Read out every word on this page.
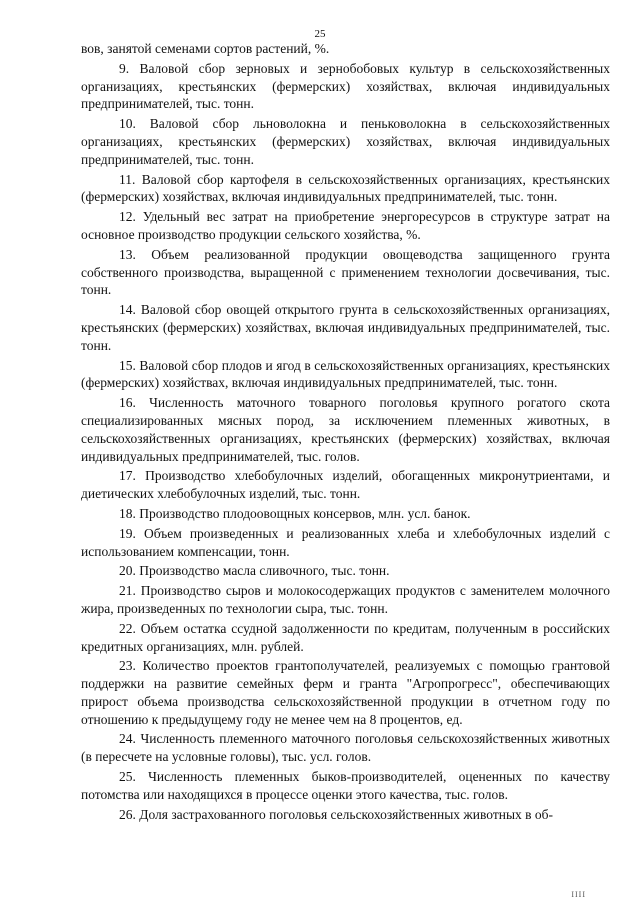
25

вов, занятой семенами сортов растений, %.

9. Валовой сбор зерновых и зернобобовых культур в сельскохозяйственных организациях, крестьянских (фермерских) хозяйствах, включая индивидуальных предпринимателей, тыс. тонн.

10. Валовой сбор льноволокна и пеньковолокна в сельскохозяйственных организациях, крестьянских (фермерских) хозяйствах, включая индивидуальных предпринимателей, тыс. тонн.

11. Валовой сбор картофеля в сельскохозяйственных организациях, крестьянских (фермерских) хозяйствах, включая индивидуальных предпринимателей, тыс. тонн.

12. Удельный вес затрат на приобретение энергоресурсов в структуре затрат на основное производство продукции сельского хозяйства, %.

13. Объем реализованной продукции овощеводства защищенного грунта собственного производства, выращенной с применением технологии досвечивания, тыс. тонн.

14. Валовой сбор овощей открытого грунта в сельскохозяйственных организациях, крестьянских (фермерских) хозяйствах, включая индивидуальных предпринимателей, тыс. тонн.

15. Валовой сбор плодов и ягод в сельскохозяйственных организациях, крестьянских (фермерских) хозяйствах, включая индивидуальных предпринимателей, тыс. тонн.

16. Численность маточного товарного поголовья крупного рогатого скота специализированных мясных пород, за исключением племенных животных, в сельскохозяйственных организациях, крестьянских (фермерских) хозяйствах, включая индивидуальных предпринимателей, тыс. голов.

17. Производство хлебобулочных изделий, обогащенных микронутриентами, и диетических хлебобулочных изделий, тыс. тонн.

18. Производство плодоовощных консервов, млн. усл. банок.

19. Объем произведенных и реализованных хлеба и хлебобулочных изделий с использованием компенсации, тонн.

20. Производство масла сливочного, тыс. тонн.

21. Производство сыров и молокосодержащих продуктов с заменителем молочного жира, произведенных по технологии сыра, тыс. тонн.

22. Объем остатка ссудной задолженности по кредитам, полученным в российских кредитных организациях, млн. рублей.

23. Количество проектов грантополучателей, реализуемых с помощью грантовой поддержки на развитие семейных ферм и гранта "Агропрогресс", обеспечивающих прирост объема производства сельскохозяйственной продукции в отчетном году по отношению к предыдущему году не менее чем на 8 процентов, ед.

24. Численность племенного маточного поголовья сельскохозяйственных животных (в пересчете на условные головы), тыс. усл. голов.

25. Численность племенных быков-производителей, оцененных по качеству потомства или находящихся в процессе оценки этого качества, тыс. голов.

26. Доля застрахованного поголовья сельскохозяйственных животных в об-

IIII
